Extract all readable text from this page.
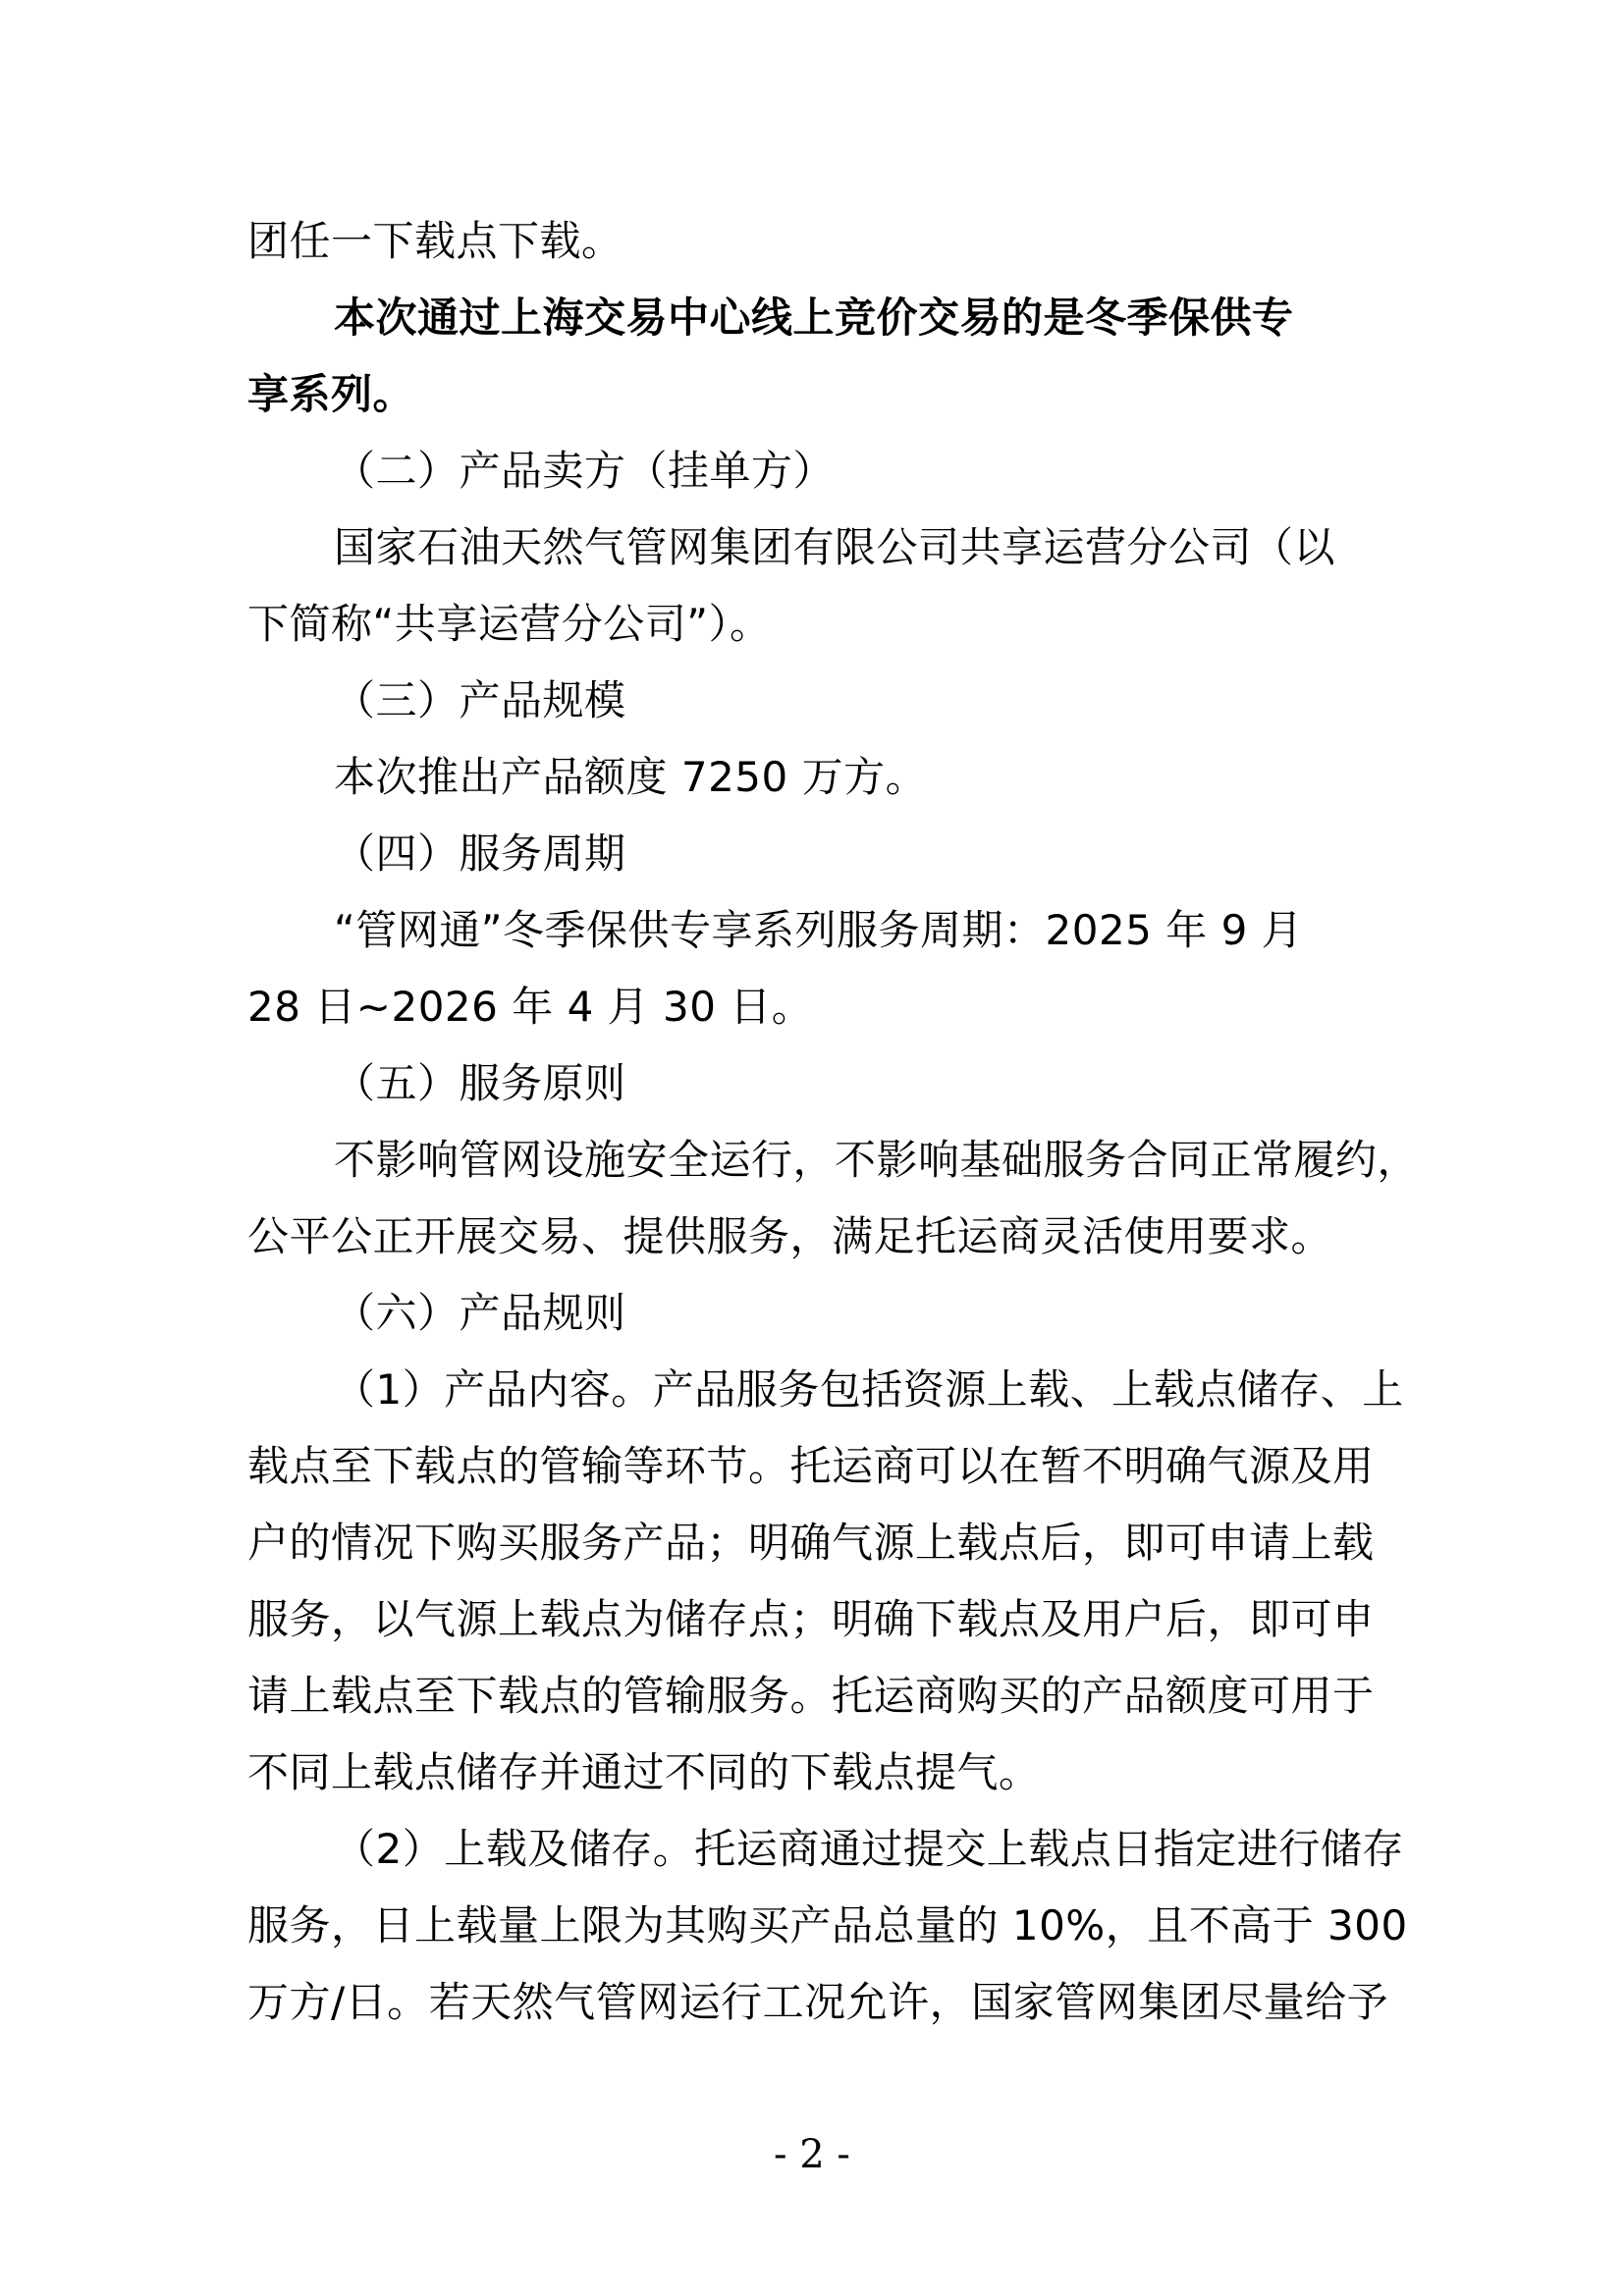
团任一下载点下载。
本次通过上海交易中心线上竞价交易的是冬季保供专
享系列。
（二）产品卖方（挂单方）
国家石油天然气管网集团有限公司共享运营分公司（以
下简称“共享运营分公司”）。
（三）产品规模
本次推出产品额度 7250 万方。
（四）服务周期
“管网通”冬季保供专享系列服务周期：2025 年 9 月
28 日~2026 年 4 月 30 日。
（五）服务原则
不影响管网设施安全运行，不影响基础服务合同正常履约，
公平公正开展交易、提供服务，满足托运商灵活使用要求。
（六）产品规则
（1）产品内容。产品服务包括资源上载、上载点储存、上
载点至下载点的管输等环节。托运商可以在暂不明确气源及用
户的情况下购买服务产品；明确气源上载点后，即可申请上载
服务，以气源上载点为储存点；明确下载点及用户后，即可申
请上载点至下载点的管输服务。托运商购买的产品额度可用于
不同上载点储存并通过不同的下载点提气。
（2）上载及储存。托运商通过提交上载点日指定进行储存
服务，日上载量上限为其购买产品总量的 10%，且不高于 300
万方/日。若天然气管网运行工况允许，国家管网集团尽量给予
- 2 -
